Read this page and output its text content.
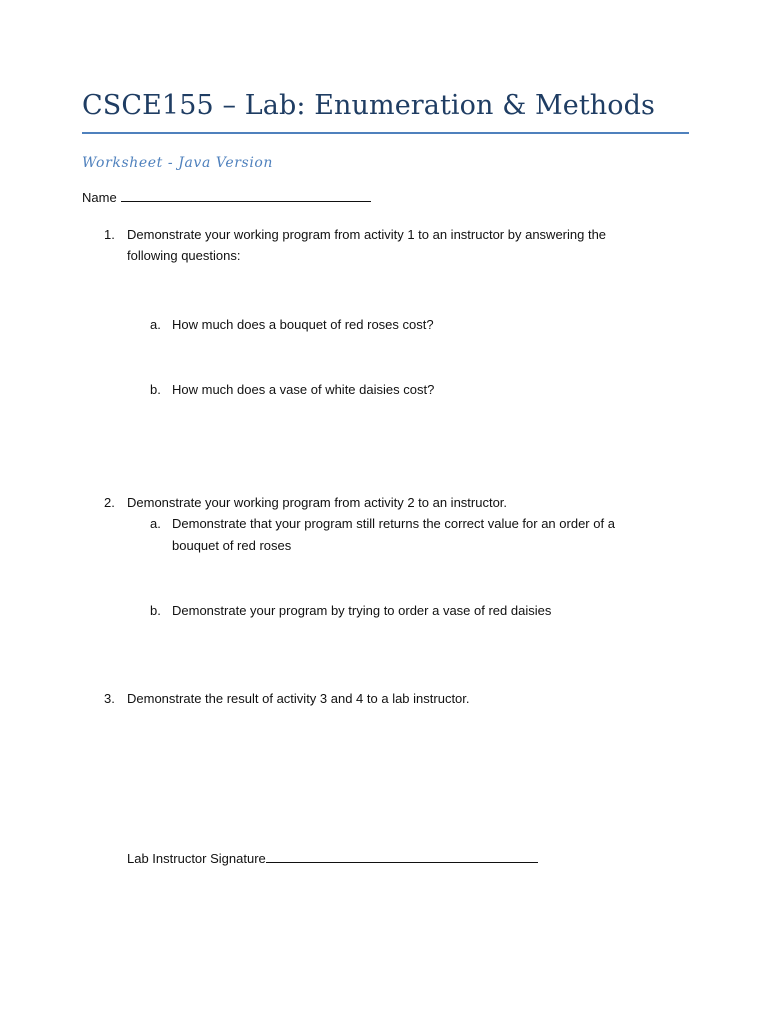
CSCE155 – Lab: Enumeration & Methods
Worksheet - Java Version
Name
1. Demonstrate your working program from activity 1 to an instructor by answering the
following questions:
a. How much does a bouquet of red roses cost?
b. How much does a vase of white daisies cost?
2. Demonstrate your working program from activity 2 to an instructor.
a. Demonstrate that your program still returns the correct value for an order of a
bouquet of red roses
b. Demonstrate your program by trying to order a vase of red daisies
3. Demonstrate the result of activity 3 and 4 to a lab instructor.
Lab Instructor Signature
